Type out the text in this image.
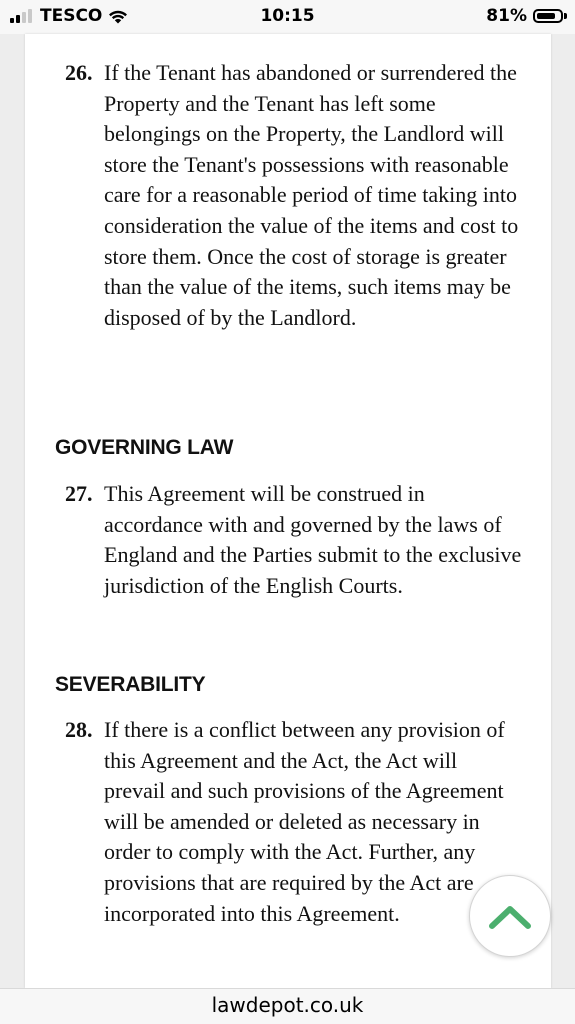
TESCO	10:15	81%
26. If the Tenant has abandoned or surrendered the Property and the Tenant has left some belongings on the Property, the Landlord will store the Tenant's possessions with reasonable care for a reasonable period of time taking into consideration the value of the items and cost to store them. Once the cost of storage is greater than the value of the items, such items may be disposed of by the Landlord.
GOVERNING LAW
27. This Agreement will be construed in accordance with and governed by the laws of England and the Parties submit to the exclusive jurisdiction of the English Courts.
SEVERABILITY
28. If there is a conflict between any provision of this Agreement and the Act, the Act will prevail and such provisions of the Agreement will be amended or deleted as necessary in order to comply with the Act. Further, any provisions that are required by the Act are incorporated into this Agreement.
lawdepot.co.uk
